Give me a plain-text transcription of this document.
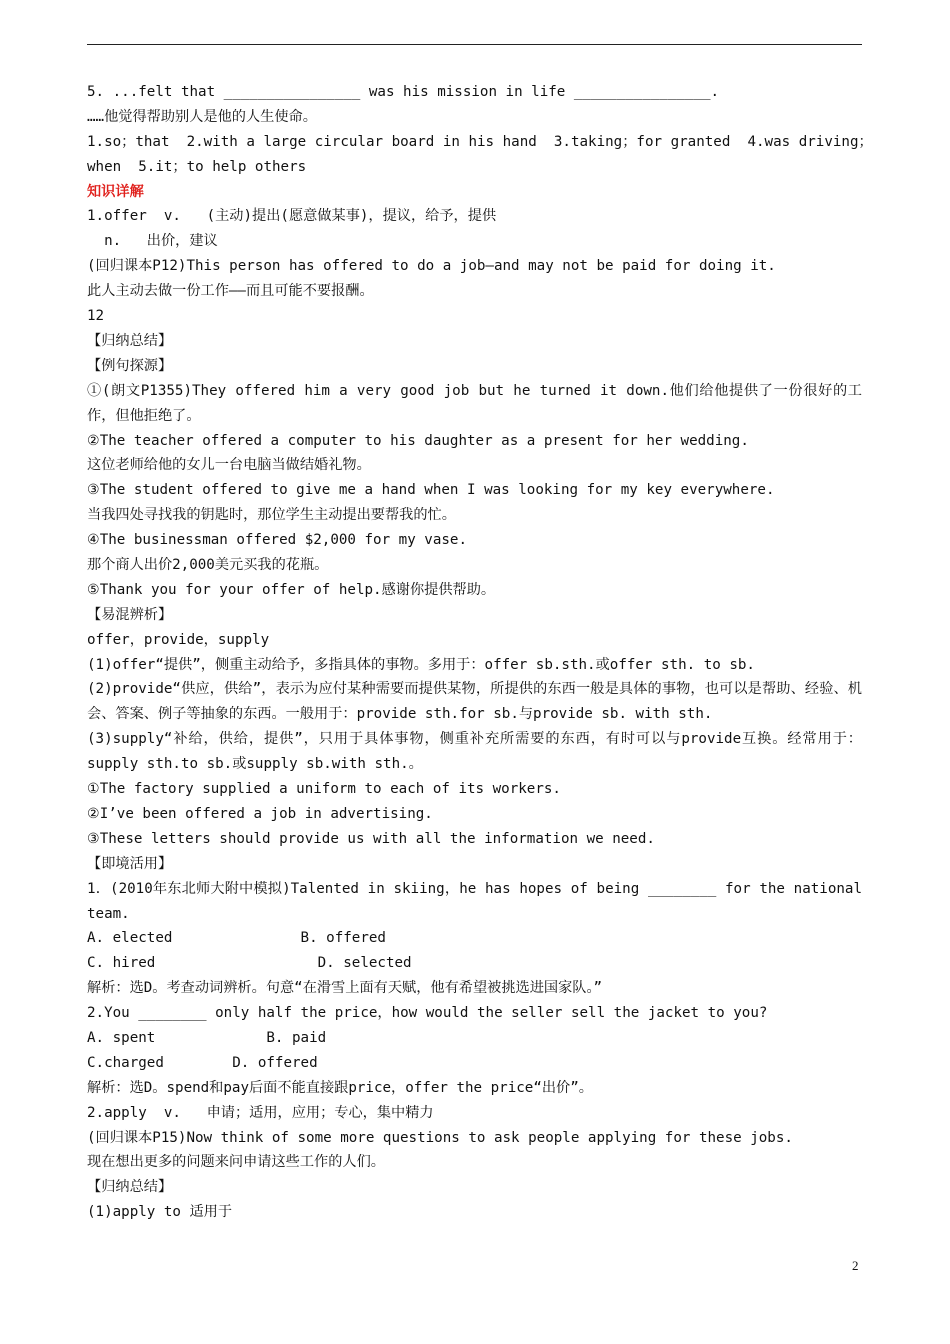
5. ...felt that ________________ was his mission in life ________________.
……他觉得帮助别人是他的人生使命。
1.so；that  2.with a large circular board in his hand  3.taking；for granted  4.was driving；
when  5.it；to help others
知识详解
1.offer  v.   (主动)提出(愿意做某事)，提议，给予，提供
n.   出价，建议
(回归课本P12)This person has offered to do a job—and may not be paid for doing it.
此人主动去做一份工作——而且可能不要报酬。
12
【归纳总结】
【例句探源】
①(朗文P1355)They offered him a very good job but he turned it down.他们给他提供了一份很好的工作，但他拒绝了。
②The teacher offered a computer to his daughter as a present for her wedding.
这位老师给他的女儿一台电脑当做结婚礼物。
③The student offered to give me a hand when I was looking for my key everywhere.
当我四处寻找我的钥匙时，那位学生主动提出要帮我的忙。
④The businessman offered $2,000 for my vase.
那个商人出价2,000美元买我的花瓶。
⑤Thank you for your offer of help.感谢你提供帮助。
【易混辨析】
offer，provide，supply
(1)offer“提供”，侧重主动给予，多指具体的事物。多用于：offer sb.sth.或offer sth. to sb.
(2)provide“供应，供给”，表示为应付某种需要而提供某物，所提供的东西一般是具体的事物，也可以是帮助、经验、机会、答案、例子等抽象的东西。一般用于：provide sth.for sb.与provide sb. with sth.
(3)supply“补给，供给，提供”，只用于具体事物，侧重补充所需要的东西，有时可以与provide互换。经常用于：supply sth.to sb.或supply sb.with sth.。
①The factory supplied a uniform to each of its workers.
②I’ve been offered a job in advertising.
③These letters should provide us with all the information we need.
【即境活用】
1．(2010年东北师大附中模拟)Talented in skiing，he has hopes of being ________ for the national team.
A. elected               B. offered
C. hired                   D. selected
解析：选D。考查动词辨析。句意“在滑雪上面有天赋，他有希望被挑选进国家队。”
2.You ________ only half the price，how would the seller sell the jacket to you?
A. spent             B. paid
C.charged        D. offered
解析：选D。spend和pay后面不能直接跟price，offer the price“出价”。
2.apply  v.   申请；适用，应用；专心，集中精力
(回归课本P15)Now think of some more questions to ask people applying for these jobs.
现在想出更多的问题来问申请这些工作的人们。
【归纳总结】
(1)apply to 适用于
2
